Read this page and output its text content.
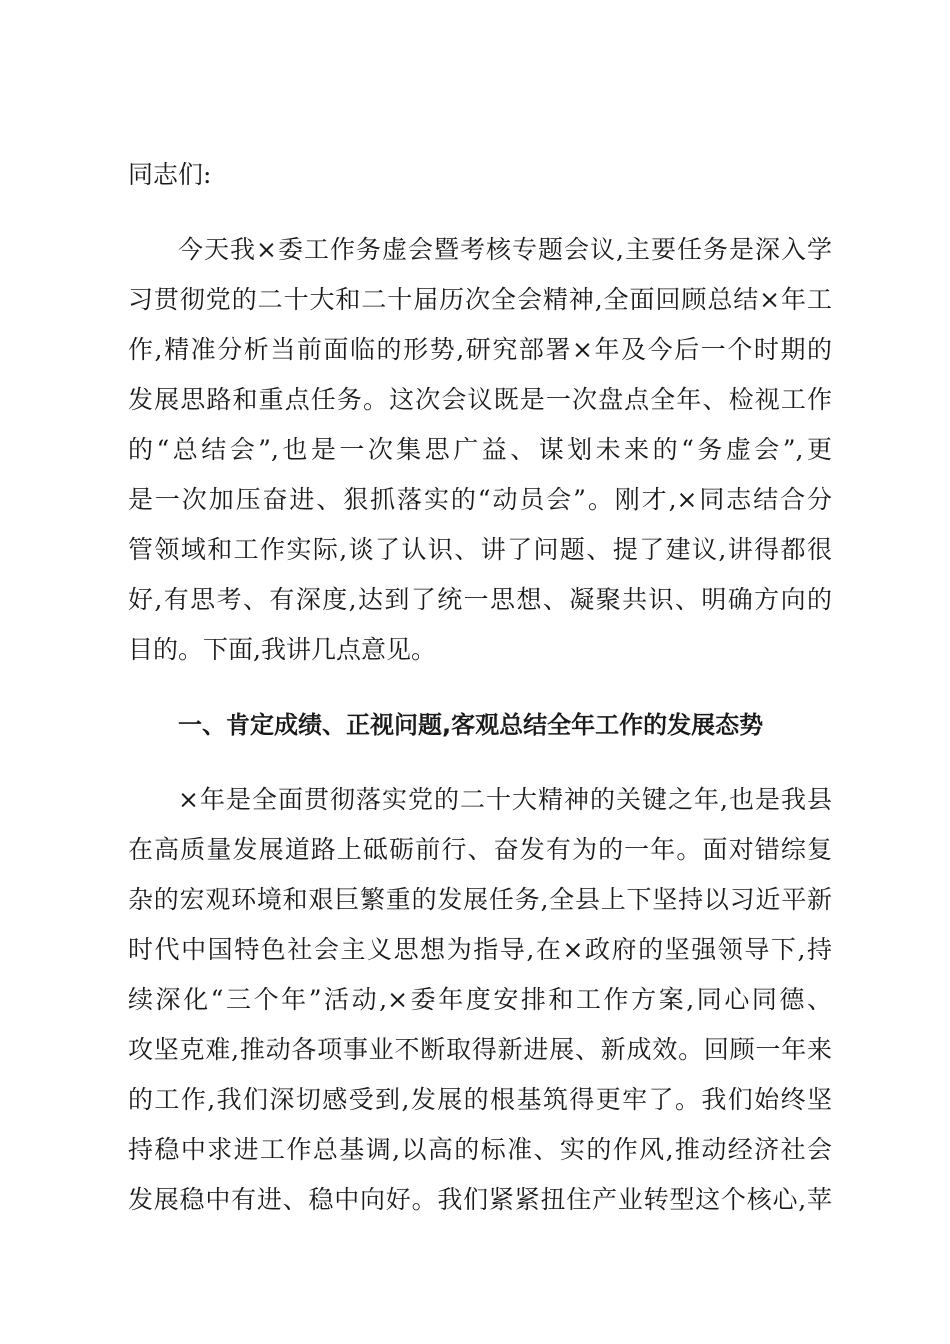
同志们:
今天我×委工作务虚会暨考核专题会议,主要任务是深入学
习贯彻党的二十大和二十届历次全会精神,全面回顾总结×年工
作,精准分析当前面临的形势,研究部署×年及今后一个时期的
发展思路和重点任务。这次会议既是一次盘点全年、检视工作
的“总结会”,也是一次集思广益、谋划未来的“务虚会”,更
是一次加压奋进、狠抓落实的“动员会”。刚才,×同志结合分
管领域和工作实际,谈了认识、讲了问题、提了建议,讲得都很
好,有思考、有深度,达到了统一思想、凝聚共识、明确方向的
目的。下面,我讲几点意见。
一、肯定成绩、正视问题,客观总结全年工作的发展态势
×年是全面贯彻落实党的二十大精神的关键之年,也是我县
在高质量发展道路上砥砺前行、奋发有为的一年。面对错综复
杂的宏观环境和艰巨繁重的发展任务,全县上下坚持以习近平新
时代中国特色社会主义思想为指导,在×政府的坚强领导下,持
续深化“三个年”活动,×委年度安排和工作方案,同心同德、
攻坚克难,推动各项事业不断取得新进展、新成效。回顾一年来
的工作,我们深切感受到,发展的根基筑得更牢了。我们始终坚
持稳中求进工作总基调,以高的标准、实的作风,推动经济社会
发展稳中有进、稳中向好。我们紧紧扭住产业转型这个核心,苹
